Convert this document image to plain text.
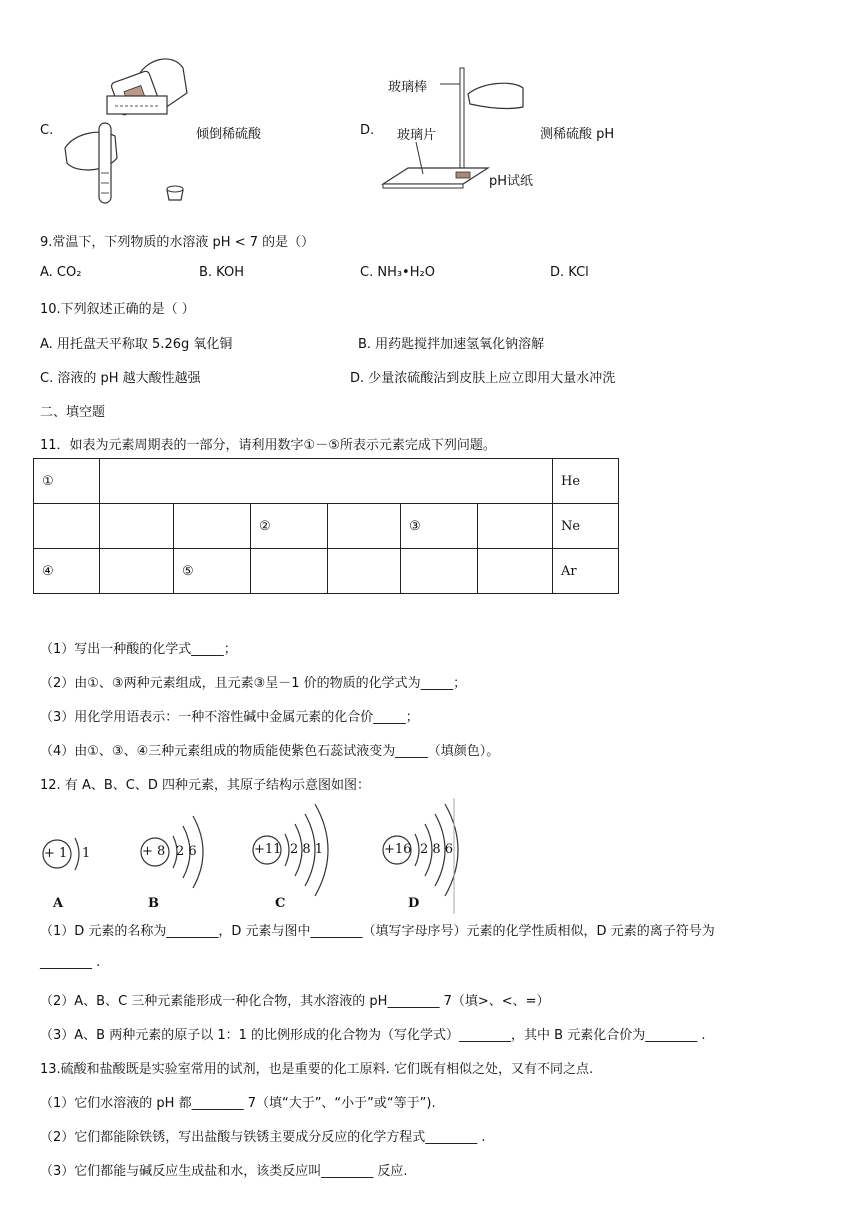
C.	倾倒稀硫酸	D.
玻璃棒
玻璃片
pH试纸
测稀硫酸 pH
9.常温下，下列物质的水溶液 pH < 7 的是（）
A. CO₂	B. KOH	C. NH₃•H₂O	D. KCl
10.下列叙述正确的是（ ）
A. 用托盘天平称取 5.26g 氧化铜	B. 用药匙搅拌加速氢氧化钠溶解
C. 溶液的 pH 越大酸性越强	D. 少量浓硫酸沾到皮肤上应立即用大量水冲洗
二、填空题
11．如表为元素周期表的一部分，请利用数字①－⑤所表示元素完成下列问题。
①							He
			②		③		Ne
④		⑤					Ar
（1）写出一种酸的化学式_____；
（2）由①、③两种元素组成，且元素③呈－1 价的物质的化学式为_____；
（3）用化学用语表示：一种不溶性碱中金属元素的化合价_____；
（4）由①、③、④三种元素组成的物质能使紫色石蕊试液变为_____（填颜色）。
12. 有 A、B、C、D 四种元素，其原子结构示意图如图：
+ 1 1
A
+ 8 2 6
B
+11 2 8 1
C
+16 2 8 6
D
（1）D 元素的名称为________，D 元素与图中________（填写字母序号）元素的化学性质相似，D 元素的离子符号为
________ .
（2）A、B、C 三种元素能形成一种化合物，其水溶液的 pH________ 7（填>、<、=）
（3）A、B 两种元素的原子以 1：1 的比例形成的化合物为（写化学式）________，其中 B 元素化合价为________ .
13.硫酸和盐酸既是实验室常用的试剂，也是重要的化工原料. 它们既有相似之处，又有不同之点.
（1）它们水溶液的 pH 都________ 7（填“大于”、“小于”或“等于”).
（2）它们都能除铁锈，写出盐酸与铁锈主要成分反应的化学方程式________ .
（3）它们都能与碱反应生成盐和水，该类反应叫________ 反应.
